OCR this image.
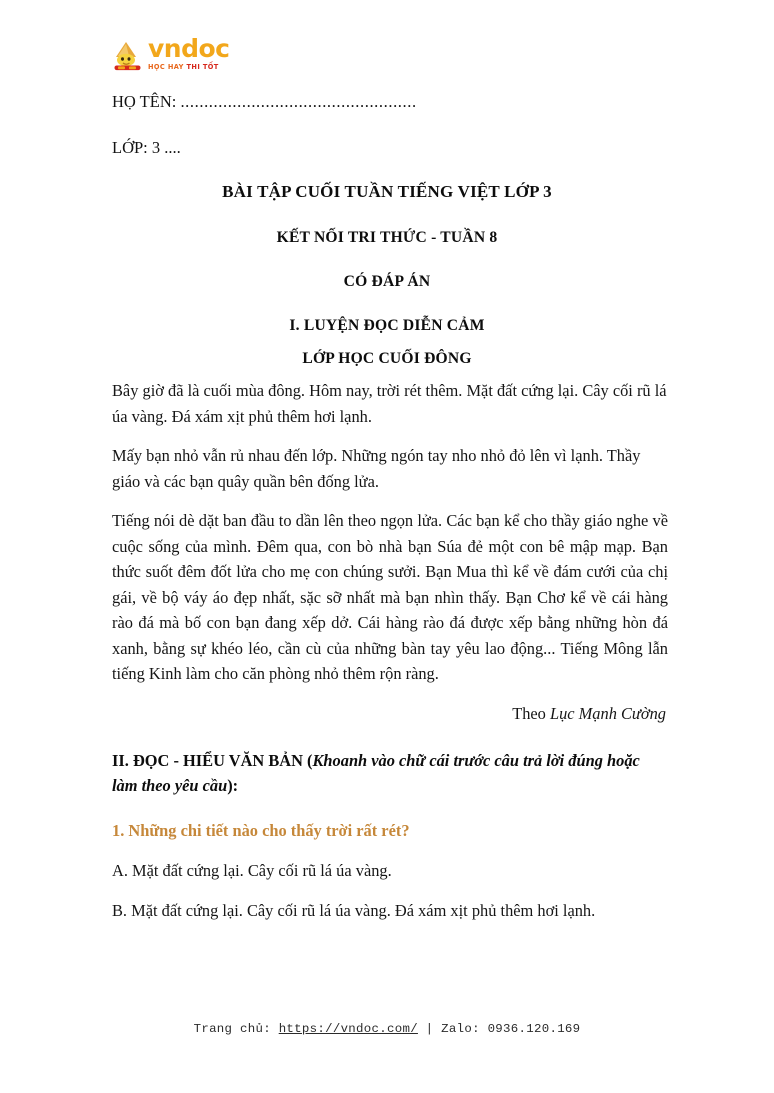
vndoc
HỌC HAY THI TỐT
HỌ TÊN: ..................................................
LỚP: 3 ....
BÀI TẬP CUỐI TUẦN TIẾNG VIỆT LỚP 3
KẾT NỐI TRI THỨC - TUẦN 8
CÓ ĐÁP ÁN
I. LUYỆN ĐỌC DIỄN CẢM
LỚP HỌC CUỐI ĐÔNG

Bây giờ đã là cuối mùa đông. Hôm nay, trời rét thêm. Mặt đất cứng lại. Cây cối rũ lá úa vàng. Đá xám xịt phủ thêm hơi lạnh.

Mấy bạn nhỏ vẫn rủ nhau đến lớp. Những ngón tay nho nhỏ đỏ lên vì lạnh. Thầy giáo và các bạn quây quần bên đống lửa.

Tiếng nói dè dặt ban đầu to dần lên theo ngọn lửa. Các bạn kể cho thầy giáo nghe về cuộc sống của mình. Đêm qua, con bò nhà bạn Súa đẻ một con bê mập mạp. Bạn thức suốt đêm đốt lửa cho mẹ con chúng sưởi. Bạn Mua thì kể về đám cưới của chị gái, về bộ váy áo đẹp nhất, sặc sỡ nhất mà bạn nhìn thấy. Bạn Chơ kể về cái hàng rào đá mà bố con bạn đang xếp dở. Cái hàng rào đá được xếp bằng những hòn đá xanh, bằng sự khéo léo, cần cù của những bàn tay yêu lao động... Tiếng Mông lẫn tiếng Kinh làm cho căn phòng nhỏ thêm rộn ràng.

Theo Lục Mạnh Cường

II. ĐỌC - HIỂU VĂN BẢN (Khoanh vào chữ cái trước câu trả lời đúng hoặc làm theo yêu cầu):

1. Những chi tiết nào cho thấy trời rất rét?

A. Mặt đất cứng lại. Cây cối rũ lá úa vàng.

B. Mặt đất cứng lại. Cây cối rũ lá úa vàng. Đá xám xịt phủ thêm hơi lạnh.

Trang chủ: https://vndoc.com/ | Zalo: 0936.120.169
